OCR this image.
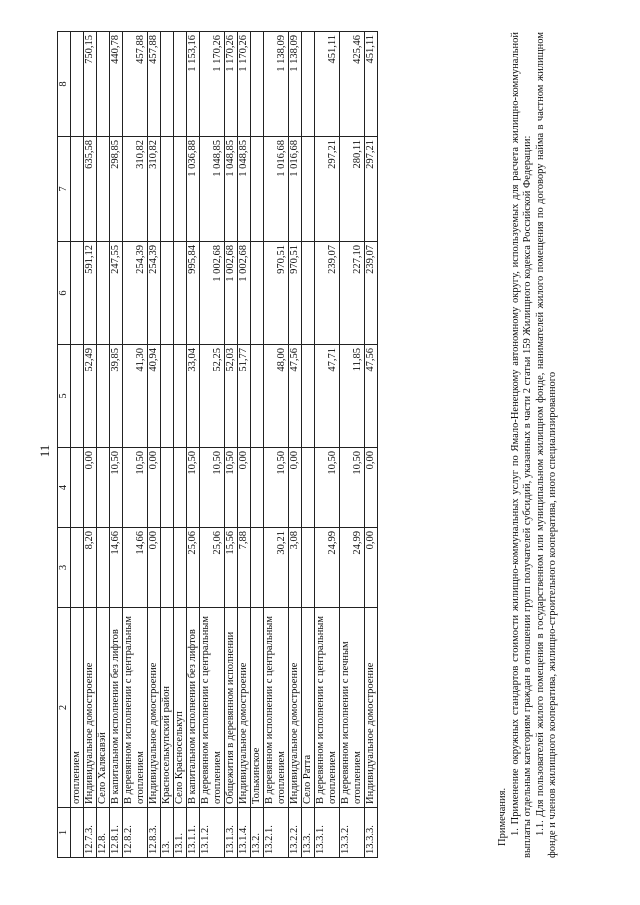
11
1	2	3	4	5	6	7	8
	отоплением						
12.7.3.	Индивидуальное домостроение	8,20	0,00	52,49	591,12	635,58	750,15
12.8.	Село Халясавэй						
12.8.1.	В капитальном исполнении без лифтов	14,66	10,50	39,85	247,55	298,85	440,78
12.8.2.	В деревянном исполнении с центральным отоплением	14,66	10,50	41,30	254,39	310,82	457,88
12.8.3.	Индивидуальное домостроение	0,00	0,00	40,94	254,39	310,82	457,88
13.	Красноселькупский район						
13.1.	Село Красноселькуп						
13.1.1.	В капитальном исполнении без лифтов	25,06	10,50	33,04	995,84	1 036,88	1 153,16
13.1.2.	В деревянном исполнении с центральным отоплением	25,06	10,50	52,25	1 002,68	1 048,85	1 170,26
13.1.3.	Общежития в деревянном исполнении	15,56	10,50	52,03	1 002,68	1 048,85	1 170,26
13.1.4.	Индивидуальное домостроение	7,88	0,00	51,77	1 002,68	1 048,85	1 170,26
13.2.	Толькинское						
13.2.1.	В деревянном исполнении с центральным отоплением	30,21	10,50	48,00	970,51	1 016,68	1 138,09
13.2.2.	Индивидуальное домостроение	3,08	0,00	47,56	970,51	1 016,68	1 138,09
13.3.	Село Ратта						
13.3.1.	В деревянном исполнении с центральным отоплением	24,99	10,50	47,71	239,07	297,21	451,11
13.3.2.	В деревянном исполнении с печным отоплением	24,99	10,50	11,85	227,10	280,11	425,46
13.3.3.	Индивидуальное домостроение	0,00	0,00	47,56	239,07	297,21	451,11

Примечания. 1. Применение окружных стандартов стоимости жилищно-коммунальных услуг по Ямало-Ненецкому автономному округу, используемых для расчета жилищно-коммунальной выплаты отдельным категориям граждан в отношении групп получателей субсидий, указанных в части 2 статьи 159 Жилищного кодекса Российской Федерации: 1.1. Для пользователей жилого помещения в государственном или муниципальном жилищном фонде, нанимателей жилого помещения по договору найма в частном жилищном фонде и членов жилищного кооператива, жилищно-строительного кооператива, иного специализированного
